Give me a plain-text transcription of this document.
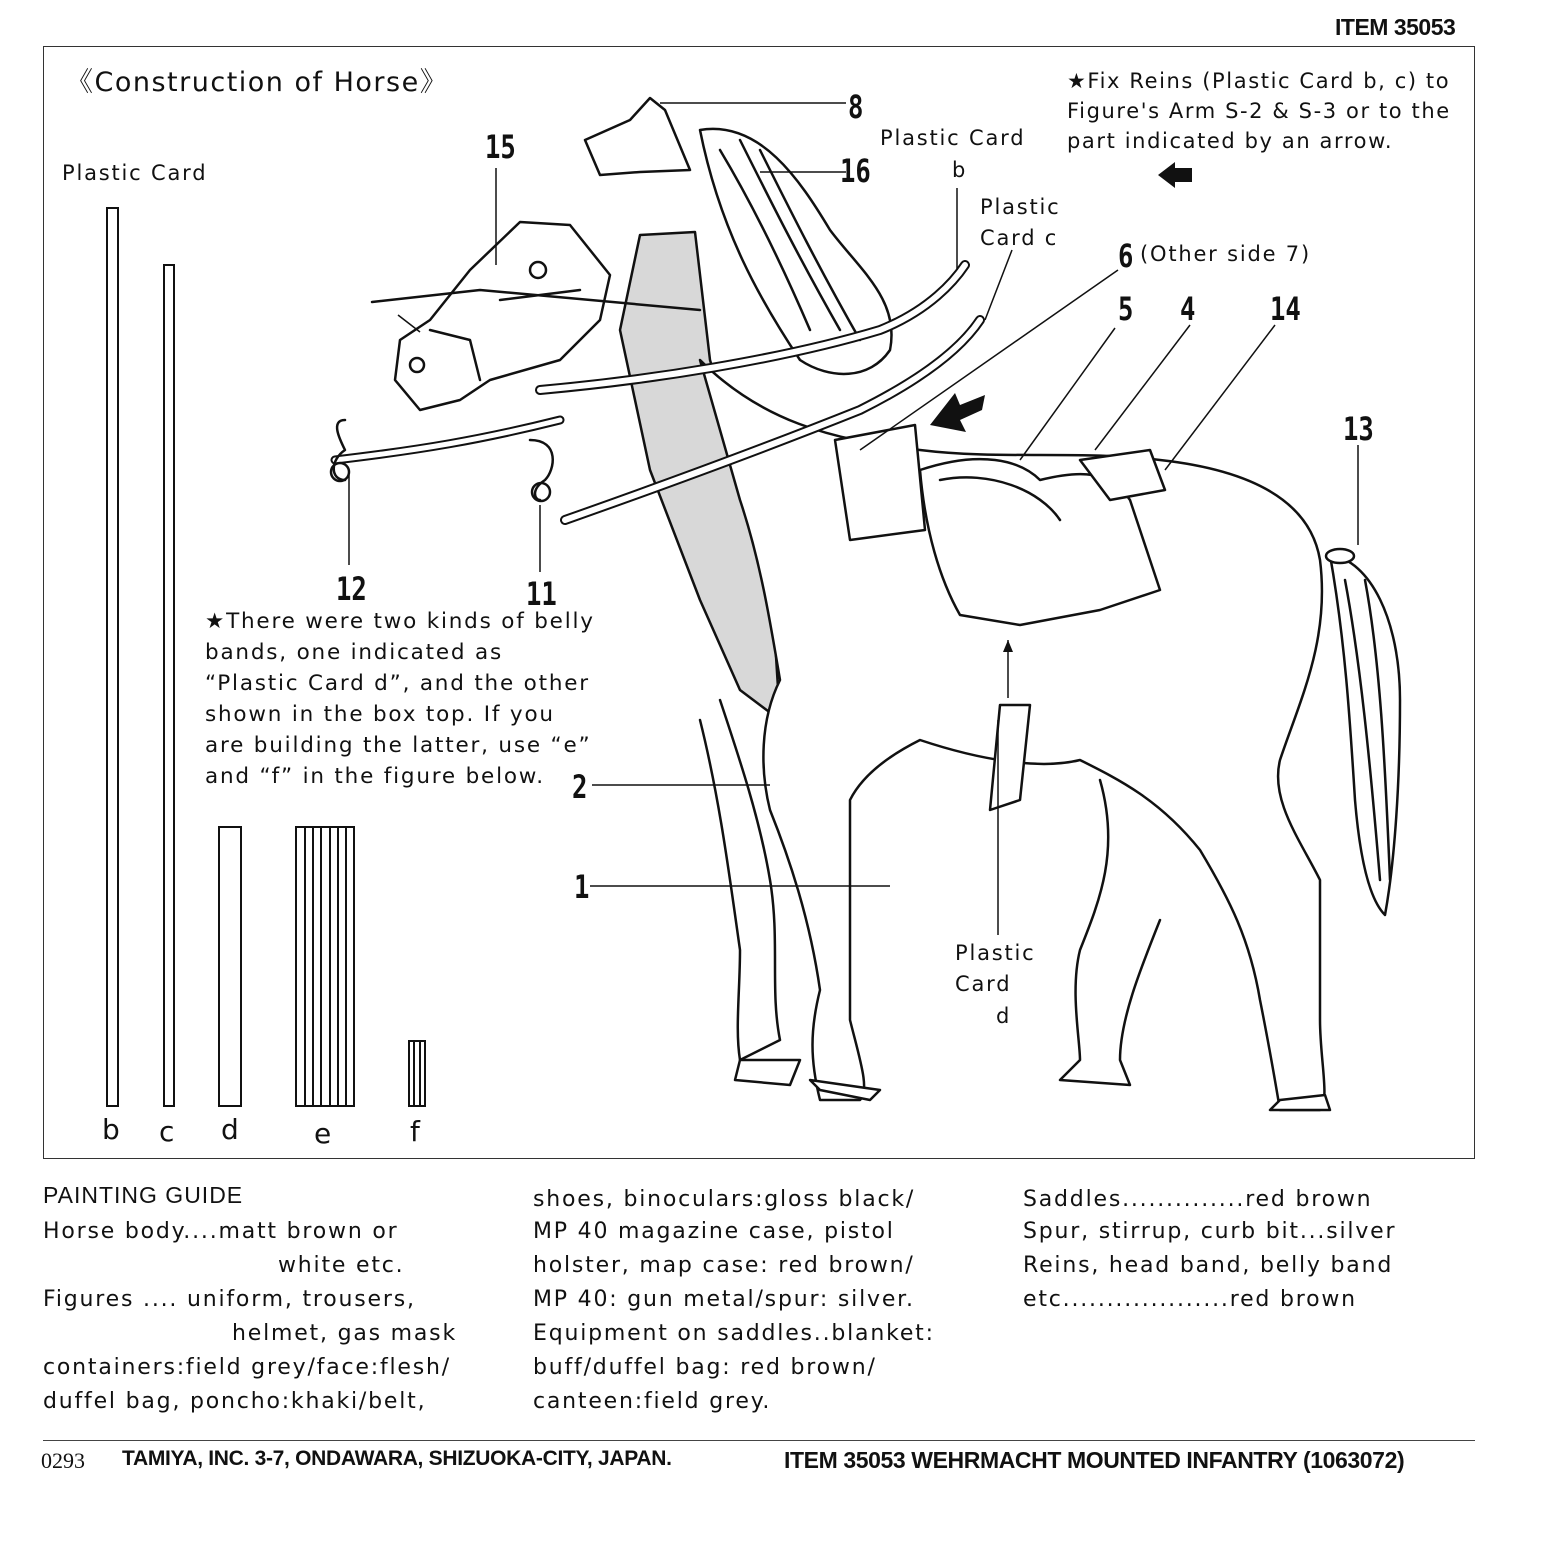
ITEM 35053
《Construction of Horse》
Plastic Card
b c d	e	f
8
15
16
6 (Other side 7)
5 4 14
13
12	11
2
1
Plastic Card
b
Plastic
Card c
Plastic
Card
d
★Fix Reins (Plastic Card b, c) to Figure's Arm S-2 & S-3 or to the part indicated by an arrow.
★There were two kinds of belly bands, one indicated as “Plastic Card d”, and the other shown in the box top. If you are building the latter, use “e” and “f” in the figure below.
PAINTING GUIDE
Horse body....matt brown or
white etc.
Figures .... uniform, trousers,
helmet, gas mask
containers:field grey/face:flesh/
duffel bag, poncho:khaki/belt,
shoes, binoculars:gloss black/
MP 40 magazine case, pistol
holster, map case: red brown/
MP 40: gun metal/spur: silver.
Equipment on saddles..blanket:
buff/duffel bag: red brown/
canteen:field grey.
Saddles..............red brown
Spur, stirrup, curb bit...silver
Reins, head band, belly band
etc...................red brown
0293 TAMIYA, INC. 3-7, ONDAWARA, SHIZUOKA-CITY, JAPAN.	ITEM 35053 WEHRMACHT MOUNTED INFANTRY (1063072)
